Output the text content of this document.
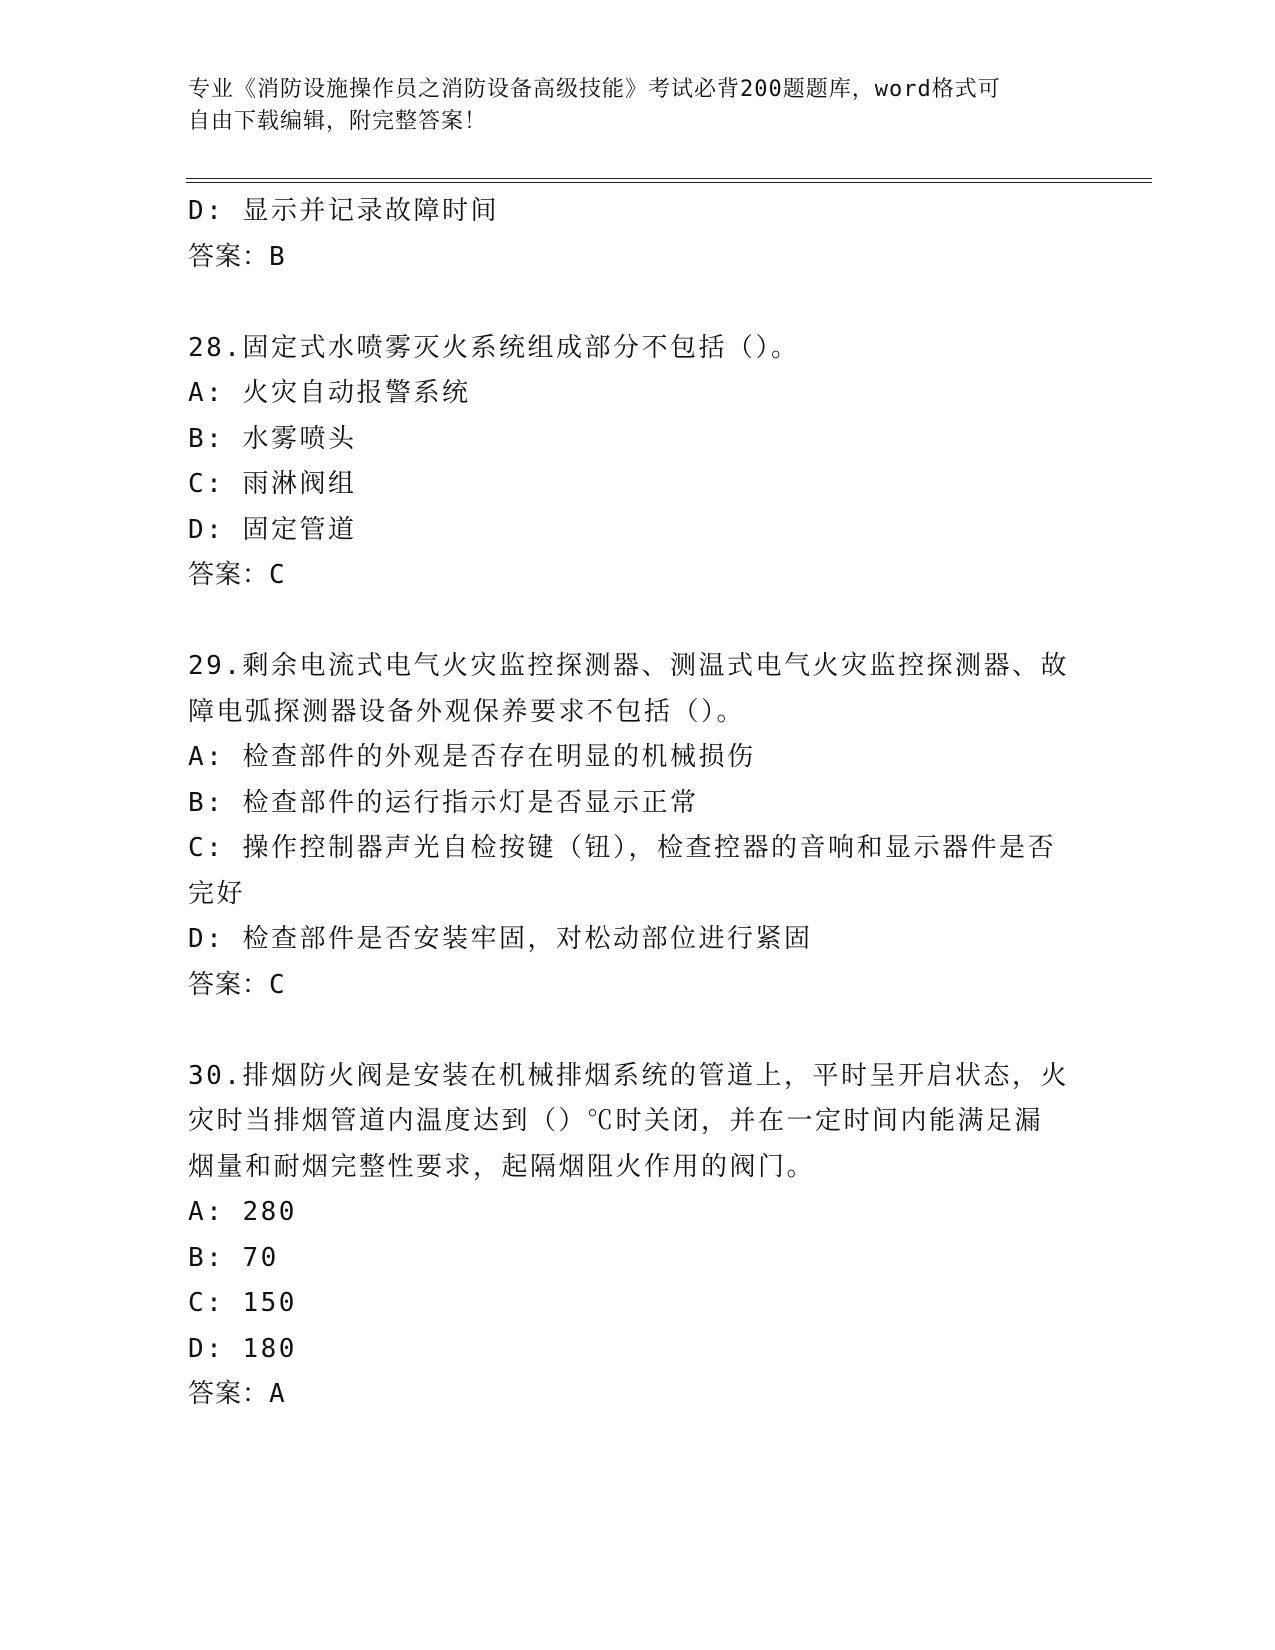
专业《消防设施操作员之消防设备高级技能》考试必背200题题库，word格式可
自由下载编辑，附完整答案！
D: 显示并记录故障时间
答案：B
28.固定式水喷雾灭火系统组成部分不包括（）。
A: 火灾自动报警系统
B: 水雾喷头
C: 雨淋阀组
D: 固定管道
答案：C
29.剩余电流式电气火灾监控探测器、测温式电气火灾监控探测器、故
障电弧探测器设备外观保养要求不包括（）。
A: 检查部件的外观是否存在明显的机械损伤
B: 检查部件的运行指示灯是否显示正常
C: 操作控制器声光自检按键（钮），检查控器的音响和显示器件是否
完好
D: 检查部件是否安装牢固，对松动部位进行紧固
答案：C
30.排烟防火阀是安装在机械排烟系统的管道上，平时呈开启状态，火
灾时当排烟管道内温度达到（）℃时关闭，并在一定时间内能满足漏
烟量和耐烟完整性要求，起隔烟阻火作用的阀门。
A: 280
B: 70
C: 150
D: 180
答案：A
